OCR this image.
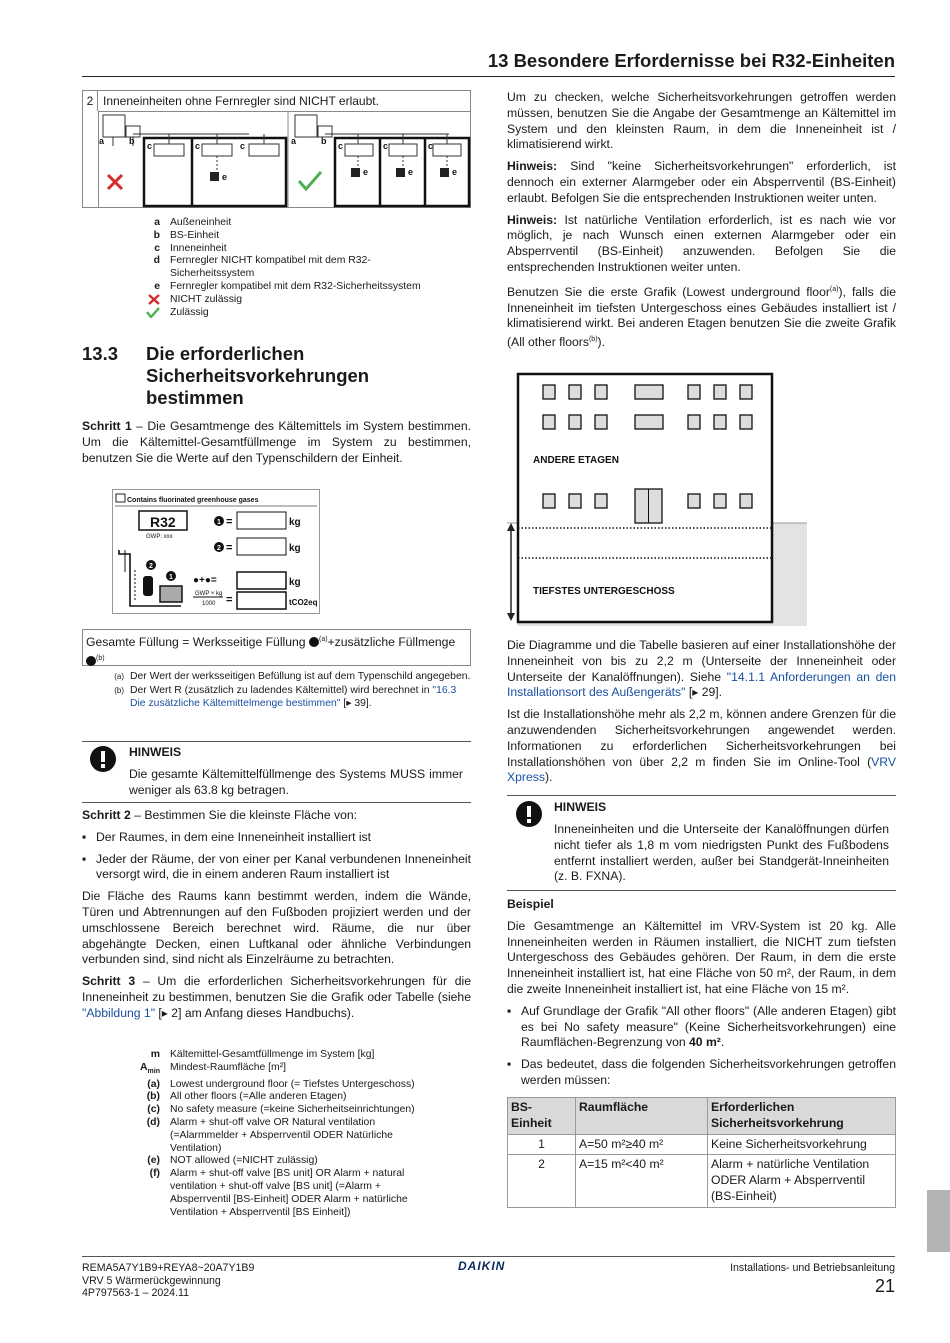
13 Besondere Erfordernisse bei R32-Einheiten
2 Inneneinheiten ohne Fernregler sind NICHT erlaubt.
a	b c	c	c
e
a	b c	c	c
e	e	e
a Außeneinheit
b BS-Einheit
c Inneneinheit
d Fernregler NICHT kompatibel mit dem R32-Sicherheitssystem
e Fernregler kompatibel mit dem R32-Sicherheitssystem
NICHT zulässig
Zulässig
13.3 Die erforderlichen Sicherheitsvorkehrungen bestimmen

Schritt 1 – Die Gesamtmenge des Kältemittels im System bestimmen. Um die Kältemittel-Gesamtfüllmenge im System zu bestimmen, benutzen Sie die Werte auf den Typenschildern der Einheit.

Contains fluorinated greenhouse gases
R32
GWP: xxx
1 =	kg
2 =	kg
2
1 ●+●=	kg
GWP × kg
1000 =	tCO2eq
Gesamte Füllung = Werksseitige Füllung $^{(a)}$+zusätzliche Füllmenge $^{(b)}$
(a) Der Wert der werksseitigen Befüllung ist auf dem Typenschild angegeben.
(b) Der Wert R (zusätzlich zu ladendes Kältemittel) wird berechnet in "16.3 Die zusätzliche Kältemittelmenge bestimmen" [▸ 39].
HINWEIS
Die gesamte Kältemittelfüllmenge des Systems MUSS immer weniger als 63.8 kg betragen.

Schritt 2 – Bestimmen Sie die kleinste Fläche von:

▪ Der Raumes, in dem eine Inneneinheit installiert ist
▪ Jeder der Räume, der von einer per Kanal verbundenen Inneneinheit versorgt wird, die in einem anderen Raum installiert ist

Die Fläche des Raums kann bestimmt werden, indem die Wände, Türen und Abtrennungen auf den Fußboden projiziert werden und der umschlossene Bereich berechnet wird. Räume, die nur über abgehängte Decken, einen Luftkanal oder ähnliche Verbindungen verbunden sind, sind nicht als Einzelräume zu betrachten.

Schritt 3 – Um die erforderlichen Sicherheitsvorkehrungen für die Inneneinheit zu bestimmen, benutzen Sie die Grafik oder Tabelle (siehe "Abbildung 1" [▸ 2] am Anfang dieses Handbuchs).

m Kältemittel-Gesamtfüllmenge im System [kg]
$A_{min}$ Mindest-Raumfläche [m²]
(a) Lowest underground floor (= Tiefstes Untergeschoss)
(b) All other floors (=Alle anderen Etagen)
(c) No safety measure (=keine Sicherheitseinrichtungen)
(d) Alarm + shut-off valve OR Natural ventilation (=Alarmmelder + Absperrventil ODER Natürliche Ventilation)
(e) NOT allowed (=NICHT zulässig)
(f) Alarm + shut-off valve [BS unit] OR Alarm + natural ventilation + shut-off valve [BS unit] (=Alarm + Absperrventil [BS-Einheit] ODER Alarm + natürliche Ventilation + Absperrventil [BS Einheit])

Um zu checken, welche Sicherheitsvorkehrungen getroffen werden müssen, benutzen Sie die Angabe der Gesamtmenge an Kältemittel im System und den kleinsten Raum, in dem die Inneneinheit ist / klimatisierend wirkt.

Hinweis: Sind "keine Sicherheitsvorkehrungen" erforderlich, ist dennoch ein externer Alarmgeber oder ein Absperrventil (BS-Einheit) erlaubt. Befolgen Sie die entsprechenden Instruktionen weiter unten.

Hinweis: Ist natürliche Ventilation erforderlich, ist es nach wie vor möglich, je nach Wunsch einen externen Alarmgeber oder ein Absperrventil (BS-Einheit) anzuwenden. Befolgen Sie die entsprechenden Instruktionen weiter unten.

Benutzen Sie die erste Grafik (Lowest underground floor$^{(a)}$), falls die Inneneinheit im tiefsten Untergeschoss eines Gebäudes installiert ist / klimatisierend wirkt. Bei anderen Etagen benutzen Sie die zweite Grafik (All other floors$^{(b)}$).

ANDERE ETAGEN
TIEFSTES UNTERGESCHOSS

Die Diagramme und die Tabelle basieren auf einer Installationshöhe der Inneneinheit von bis zu 2,2 m (Unterseite der Inneneinheit oder Unterseite der Kanalöffnungen). Siehe "14.1.1 Anforderungen an den Installationsort des Außengeräts" [▸ 29].

Ist die Installationshöhe mehr als 2,2 m, können andere Grenzen für die anzuwendenden Sicherheitsvorkehrungen angewendet werden. Informationen zu erforderlichen Sicherheitsvorkehrungen bei Installationshöhen von über 2,2 m finden Sie im Online-Tool (VRV Xpress).

HINWEIS
Inneneinheiten und die Unterseite der Kanalöffnungen dürfen nicht tiefer als 1,8 m vom niedrigsten Punkt des Fußbodens entfernt installiert werden, außer bei Standgerät-Inneinheiten (z. B. FXNA).

Beispiel

Die Gesamtmenge an Kältemittel im VRV-System ist 20 kg. Alle Inneneinheiten werden in Räumen installiert, die NICHT zum tiefsten Untergeschoss des Gebäudes gehören. Der Raum, in dem die erste Inneneinheit installiert ist, hat eine Fläche von 50 m², der Raum, in dem die zweite Inneneinheit installiert ist, hat eine Fläche von 15 m².

▪ Auf Grundlage der Grafik "All other floors" (Alle anderen Etagen) gibt es bei No safety measure" (Keine Sicherheitsvorkehrungen) eine Raumflächen-Begrenzung von 40 m².
▪ Das bedeutet, dass die folgenden Sicherheitsvorkehrungen getroffen werden müssen:
BS-Einheit	Raumfläche	Erforderlichen Sicherheitsvorkehrung
1	A=50 m²≥40 m²	Keine Sicherheitsvorkehrung
2	A=15 m²<40 m²	Alarm + natürliche Ventilation ODER Alarm + Absperrventil (BS-Einheit)
REMA5A7Y1B9+REYA8~20A7Y1B9
VRV 5 Wärmerückgewinnung
4P797563-1 – 2024.11
DAIKIN	Installations- und Betriebsanleitung
21
